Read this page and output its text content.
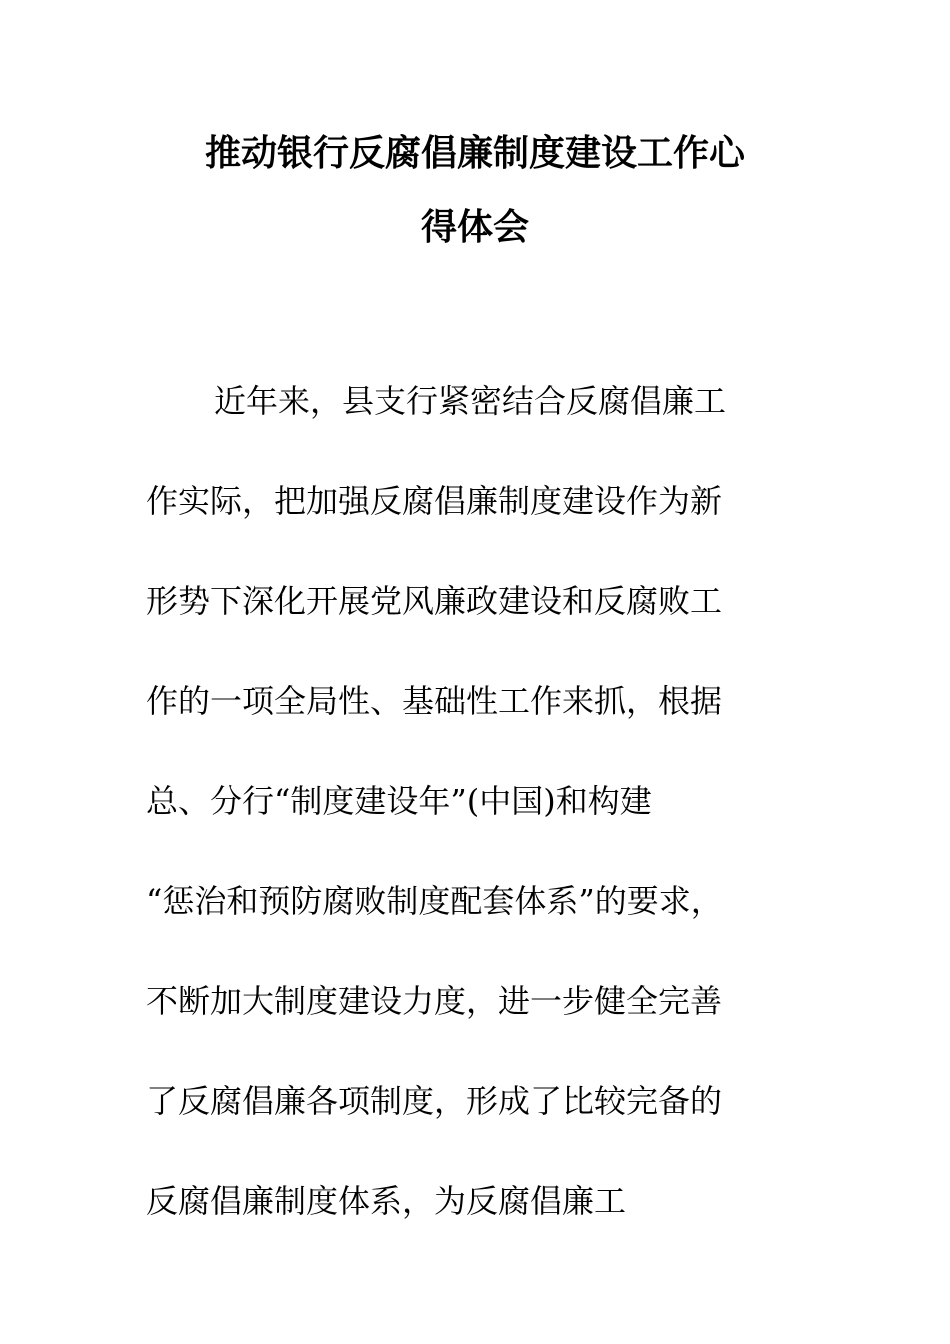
推动银行反腐倡廉制度建设工作心
得体会
近年来，县支行紧密结合反腐倡廉工
作实际，把加强反腐倡廉制度建设作为新
形势下深化开展党风廉政建设和反腐败工
作的一项全局性、基础性工作来抓，根据
总、分行“制度建设年”(中国)和构建
“惩治和预防腐败制度配套体系”的要求，
不断加大制度建设力度，进一步健全完善
了反腐倡廉各项制度，形成了比较完备的
反腐倡廉制度体系，为反腐倡廉工
